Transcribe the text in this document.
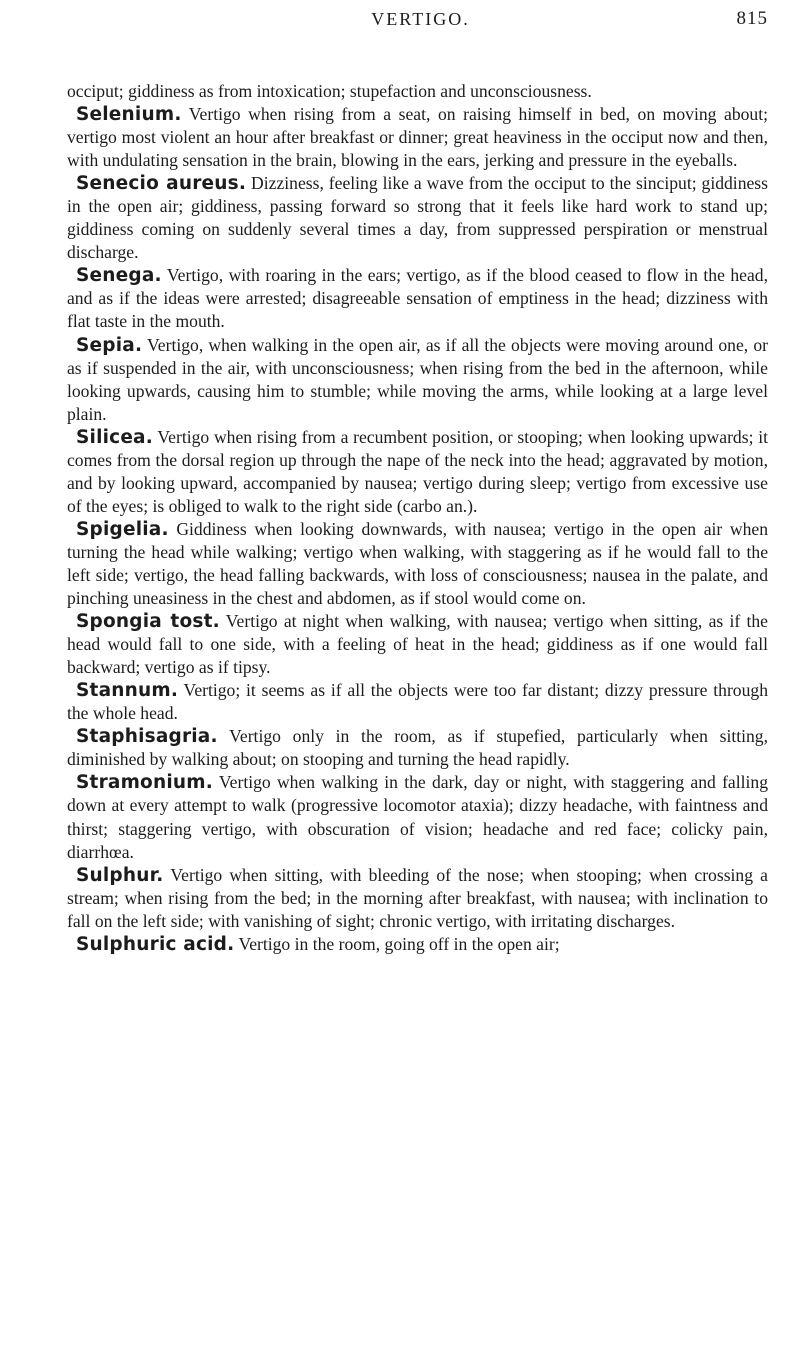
VERTIGO.	815

occiput; giddiness as from intoxication; stupefaction and unconsciousness.

Selenium. Vertigo when rising from a seat, on raising himself in bed, on moving about; vertigo most violent an hour after breakfast or dinner; great heaviness in the occiput now and then, with undulating sensation in the brain, blowing in the ears, jerking and pressure in the eyeballs.

Senecio aureus. Dizziness, feeling like a wave from the occiput to the sinciput; giddiness in the open air; giddiness, passing forward so strong that it feels like hard work to stand up; giddiness coming on suddenly several times a day, from suppressed perspiration or menstrual discharge.

Senega. Vertigo, with roaring in the ears; vertigo, as if the blood ceased to flow in the head, and as if the ideas were arrested; disagreeable sensation of emptiness in the head; dizziness with flat taste in the mouth.

Sepia. Vertigo, when walking in the open air, as if all the objects were moving around one, or as if suspended in the air, with unconsciousness; when rising from the bed in the afternoon, while looking upwards, causing him to stumble; while moving the arms, while looking at a large level plain.

Silicea. Vertigo when rising from a recumbent position, or stooping; when looking upwards; it comes from the dorsal region up through the nape of the neck into the head; aggravated by motion, and by looking upward, accompanied by nausea; vertigo during sleep; vertigo from excessive use of the eyes; is obliged to walk to the right side (carbo an.).

Spigelia. Giddiness when looking downwards, with nausea; vertigo in the open air when turning the head while walking; vertigo when walking, with staggering as if he would fall to the left side; vertigo, the head falling backwards, with loss of consciousness; nausea in the palate, and pinching uneasiness in the chest and abdomen, as if stool would come on.

Spongia tost. Vertigo at night when walking, with nausea; vertigo when sitting, as if the head would fall to one side, with a feeling of heat in the head; giddiness as if one would fall backward; vertigo as if tipsy.

Stannum. Vertigo; it seems as if all the objects were too far distant; dizzy pressure through the whole head.

Staphisagria. Vertigo only in the room, as if stupefied, particularly when sitting, diminished by walking about; on stooping and turning the head rapidly.

Stramonium. Vertigo when walking in the dark, day or night, with staggering and falling down at every attempt to walk (progressive locomotor ataxia); dizzy headache, with faintness and thirst; staggering vertigo, with obscuration of vision; headache and red face; colicky pain, diarrhœa.

Sulphur. Vertigo when sitting, with bleeding of the nose; when stooping; when crossing a stream; when rising from the bed; in the morning after breakfast, with nausea; with inclination to fall on the left side; with vanishing of sight; chronic vertigo, with irritating discharges.

Sulphuric acid. Vertigo in the room, going off in the open air;
